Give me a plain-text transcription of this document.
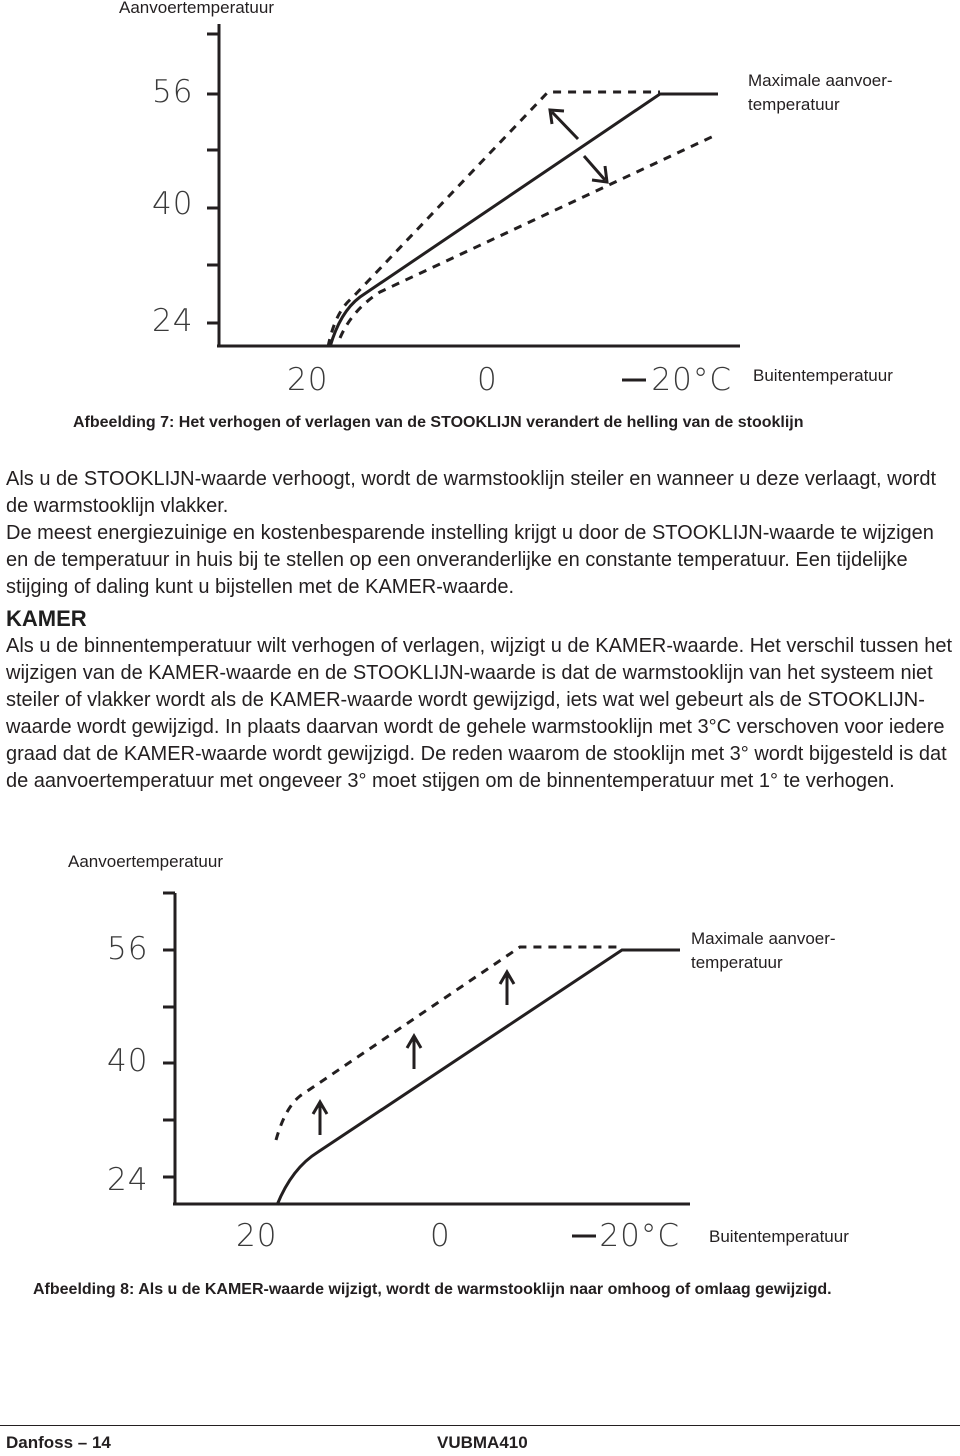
Aanvoertemperatuur
56
40
24
20	0	20°C Buitentemperatuur
Maximale aanvoer-
temperatuur
Afbeelding 7: Het verhogen of verlagen van de STOOKLIJN verandert de helling van de stooklijn

Als u de STOOKLIJN-waarde verhoogt, wordt de warmstooklijn steiler en wanneer u deze verlaagt, wordt de warmstooklijn vlakker.

De meest energiezuinige en kostenbesparende instelling krijgt u door de STOOKLIJN-waarde te wijzigen en de temperatuur in huis bij te stellen op een onveranderlijke en constante temperatuur. Een tijdelijke stijging of daling kunt u bijstellen met de KAMER-waarde.

KAMER

Als u de binnentemperatuur wilt verhogen of verlagen, wijzigt u de KAMER-waarde. Het verschil tussen het wijzigen van de KAMER-waarde en de STOOKLIJN-waarde is dat de warmstooklijn van het systeem niet steiler of vlakker wordt als de KAMER-waarde wordt gewijzigd, iets wat wel gebeurt als de STOOKLIJN-waarde wordt gewijzigd. In plaats daarvan wordt de gehele warmstooklijn met 3°C verschoven voor iedere graad dat de KAMER-waarde wordt gewijzigd. De reden waarom de stooklijn met 3° wordt bijgesteld is dat de aanvoertemperatuur met ongeveer 3° moet stijgen om de binnentemperatuur met 1° te verhogen.

Aanvoertemperatuur
56
40
24
20	0	20°C Buitentemperatuur
Maximale aanvoer-
temperatuur
Afbeelding 8: Als u de KAMER-waarde wijzigt, wordt de warmstooklijn naar omhoog of omlaag gewijzigd.
Danfoss – 14	VUBMA410
